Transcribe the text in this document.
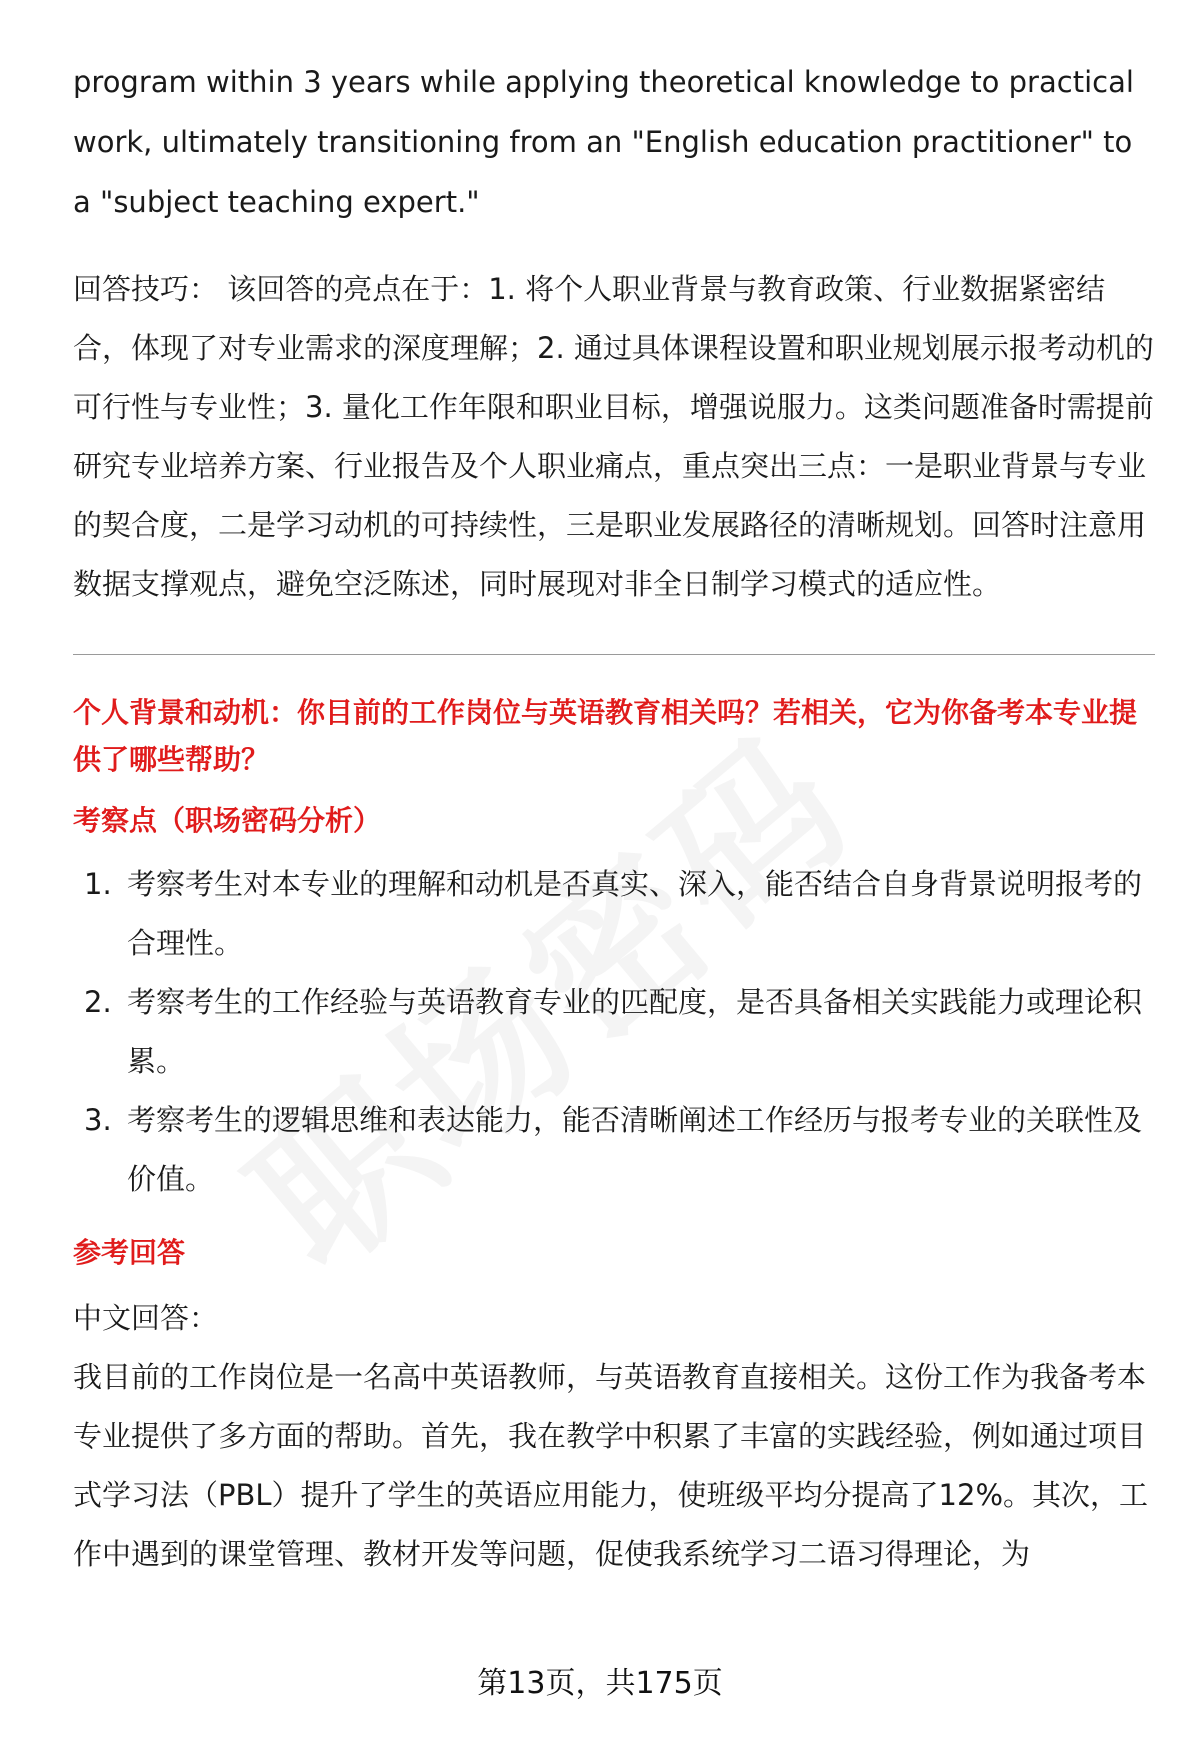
program within 3 years while applying theoretical knowledge to practical work, ultimately transitioning from an "English education practitioner" to a "subject teaching expert."

回答技巧： 该回答的亮点在于：1. 将个人职业背景与教育政策、行业数据紧密结合，体现了对专业需求的深度理解；2. 通过具体课程设置和职业规划展示报考动机的可行性与专业性；3. 量化工作年限和职业目标，增强说服力。这类问题准备时需提前研究专业培养方案、行业报告及个人职业痛点，重点突出三点：一是职业背景与专业的契合度，二是学习动机的可持续性，三是职业发展路径的清晰规划。回答时注意用数据支撑观点，避免空泛陈述，同时展现对非全日制学习模式的适应性。

个人背景和动机：你目前的工作岗位与英语教育相关吗？若相关，它为你备考本专业提供了哪些帮助？

考察点（职场密码分析）

1. 考察考生对本专业的理解和动机是否真实、深入，能否结合自身背景说明报考的合理性。
2. 考察考生的工作经验与英语教育专业的匹配度，是否具备相关实践能力或理论积累。
3. 考察考生的逻辑思维和表达能力，能否清晰阐述工作经历与报考专业的关联性及价值。

参考回答

中文回答：

我目前的工作岗位是一名高中英语教师，与英语教育直接相关。这份工作为我备考本专业提供了多方面的帮助。首先，我在教学中积累了丰富的实践经验，例如通过项目式学习法（PBL）提升了学生的英语应用能力，使班级平均分提高了12%。其次，工作中遇到的课堂管理、教材开发等问题，促使我系统学习二语习得理论，为

第13页，共175页
